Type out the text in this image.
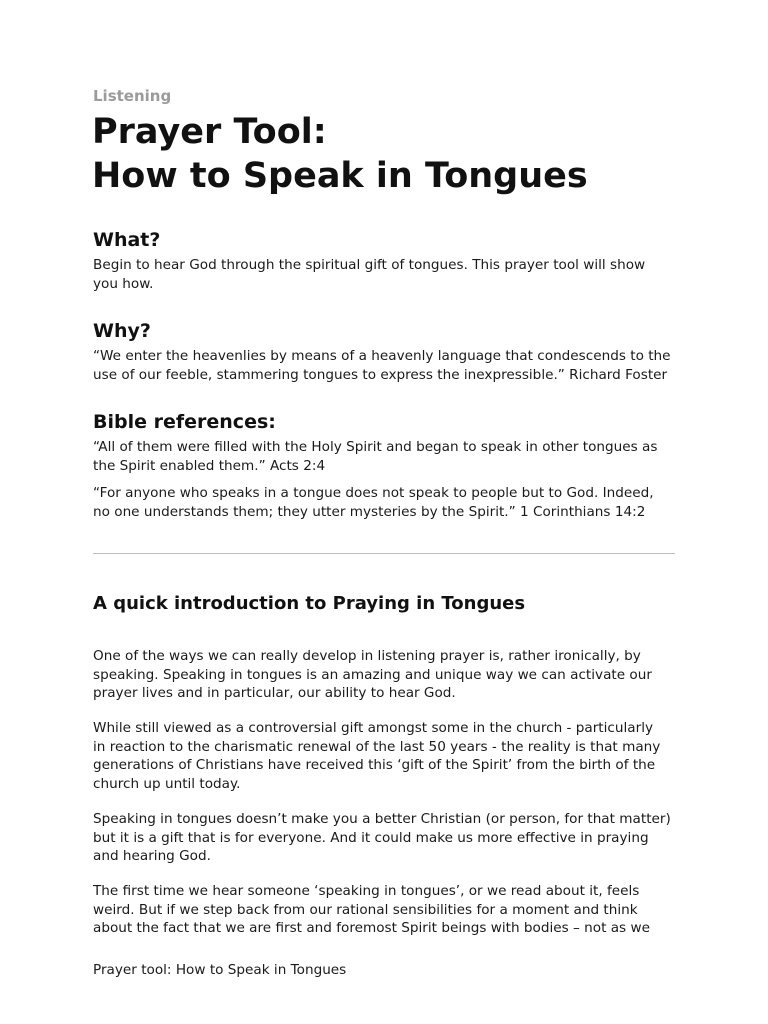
Listening
Prayer Tool:
How to Speak in Tongues
What?
Begin to hear God through the spiritual gift of tongues. This prayer tool will show
you how.
Why?
“We enter the heavenlies by means of a heavenly language that condescends to the
use of our feeble, stammering tongues to express the inexpressible.” Richard Foster
Bible references:
“All of them were filled with the Holy Spirit and began to speak in other tongues as
the Spirit enabled them.” Acts 2:4
“For anyone who speaks in a tongue does not speak to people but to God. Indeed,
no one understands them; they utter mysteries by the Spirit.” 1 Corinthians 14:2
A quick introduction to Praying in Tongues
One of the ways we can really develop in listening prayer is, rather ironically, by
speaking. Speaking in tongues is an amazing and unique way we can activate our
prayer lives and in particular, our ability to hear God.
While still viewed as a controversial gift amongst some in the church - particularly
in reaction to the charismatic renewal of the last 50 years - the reality is that many
generations of Christians have received this ‘gift of the Spirit’ from the birth of the
church up until today.
Speaking in tongues doesn’t make you a better Christian (or person, for that matter)
but it is a gift that is for everyone. And it could make us more effective in praying
and hearing God.
The first time we hear someone ‘speaking in tongues’, or we read about it, feels
weird. But if we step back from our rational sensibilities for a moment and think
about the fact that we are first and foremost Spirit beings with bodies – not as we
Prayer tool: How to Speak in Tongues
